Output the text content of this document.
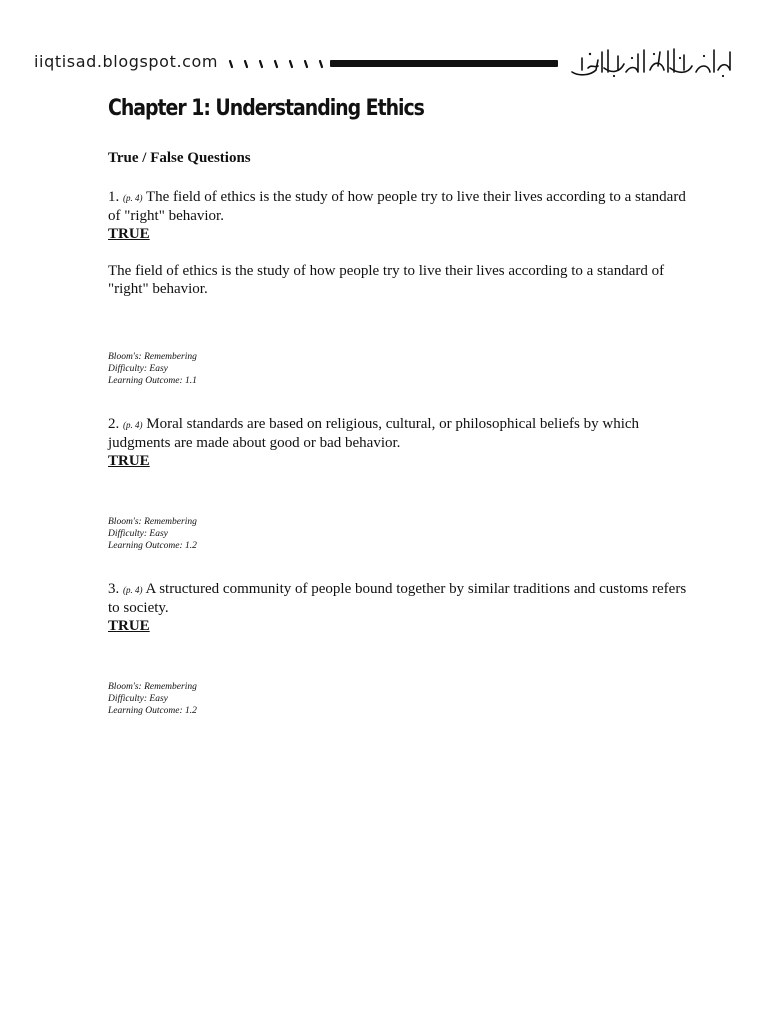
iiqtisad.blogspot.com
Chapter 1: Understanding Ethics
True / False Questions

1. (p. 4) The field of ethics is the study of how people try to live their lives according to a standard of "right" behavior.

TRUE

The field of ethics is the study of how people try to live their lives according to a standard of "right" behavior.

Bloom's: Remembering
Difficulty: Easy
Learning Outcome: 1.1

2. (p. 4) Moral standards are based on religious, cultural, or philosophical beliefs by which judgments are made about good or bad behavior.

TRUE

Bloom's: Remembering
Difficulty: Easy
Learning Outcome: 1.2

3. (p. 4) A structured community of people bound together by similar traditions and customs refers to society.

TRUE

Bloom's: Remembering
Difficulty: Easy
Learning Outcome: 1.2
